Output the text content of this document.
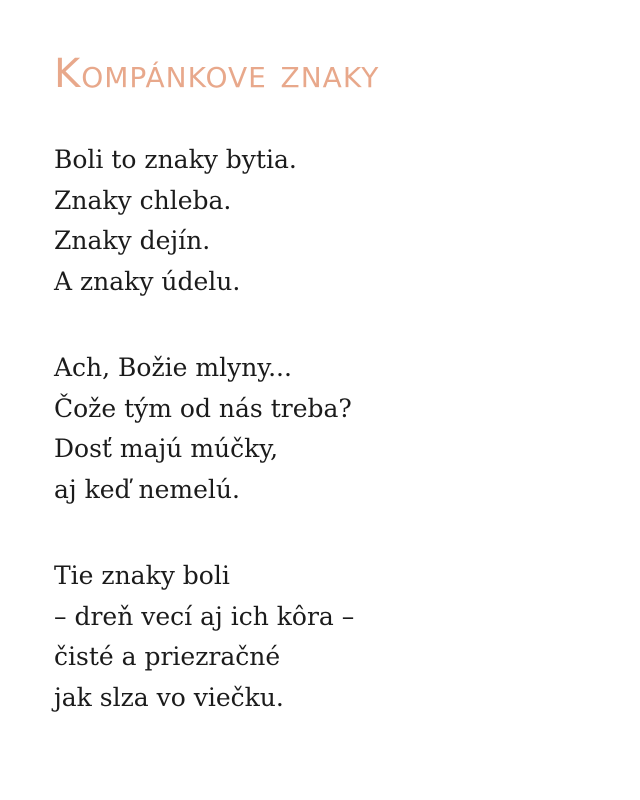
Kompánkove znaky
Boli to znaky bytia.
Znaky chleba.
Znaky dejín.
A znaky údelu.
Ach, Božie mlyny...
Čože tým od nás treba?
Dosť majú múčky,
aj keď nemelú.
Tie znaky boli
– dreň vecí aj ich kôra –
čisté a priezračné
jak slza vo viečku.
